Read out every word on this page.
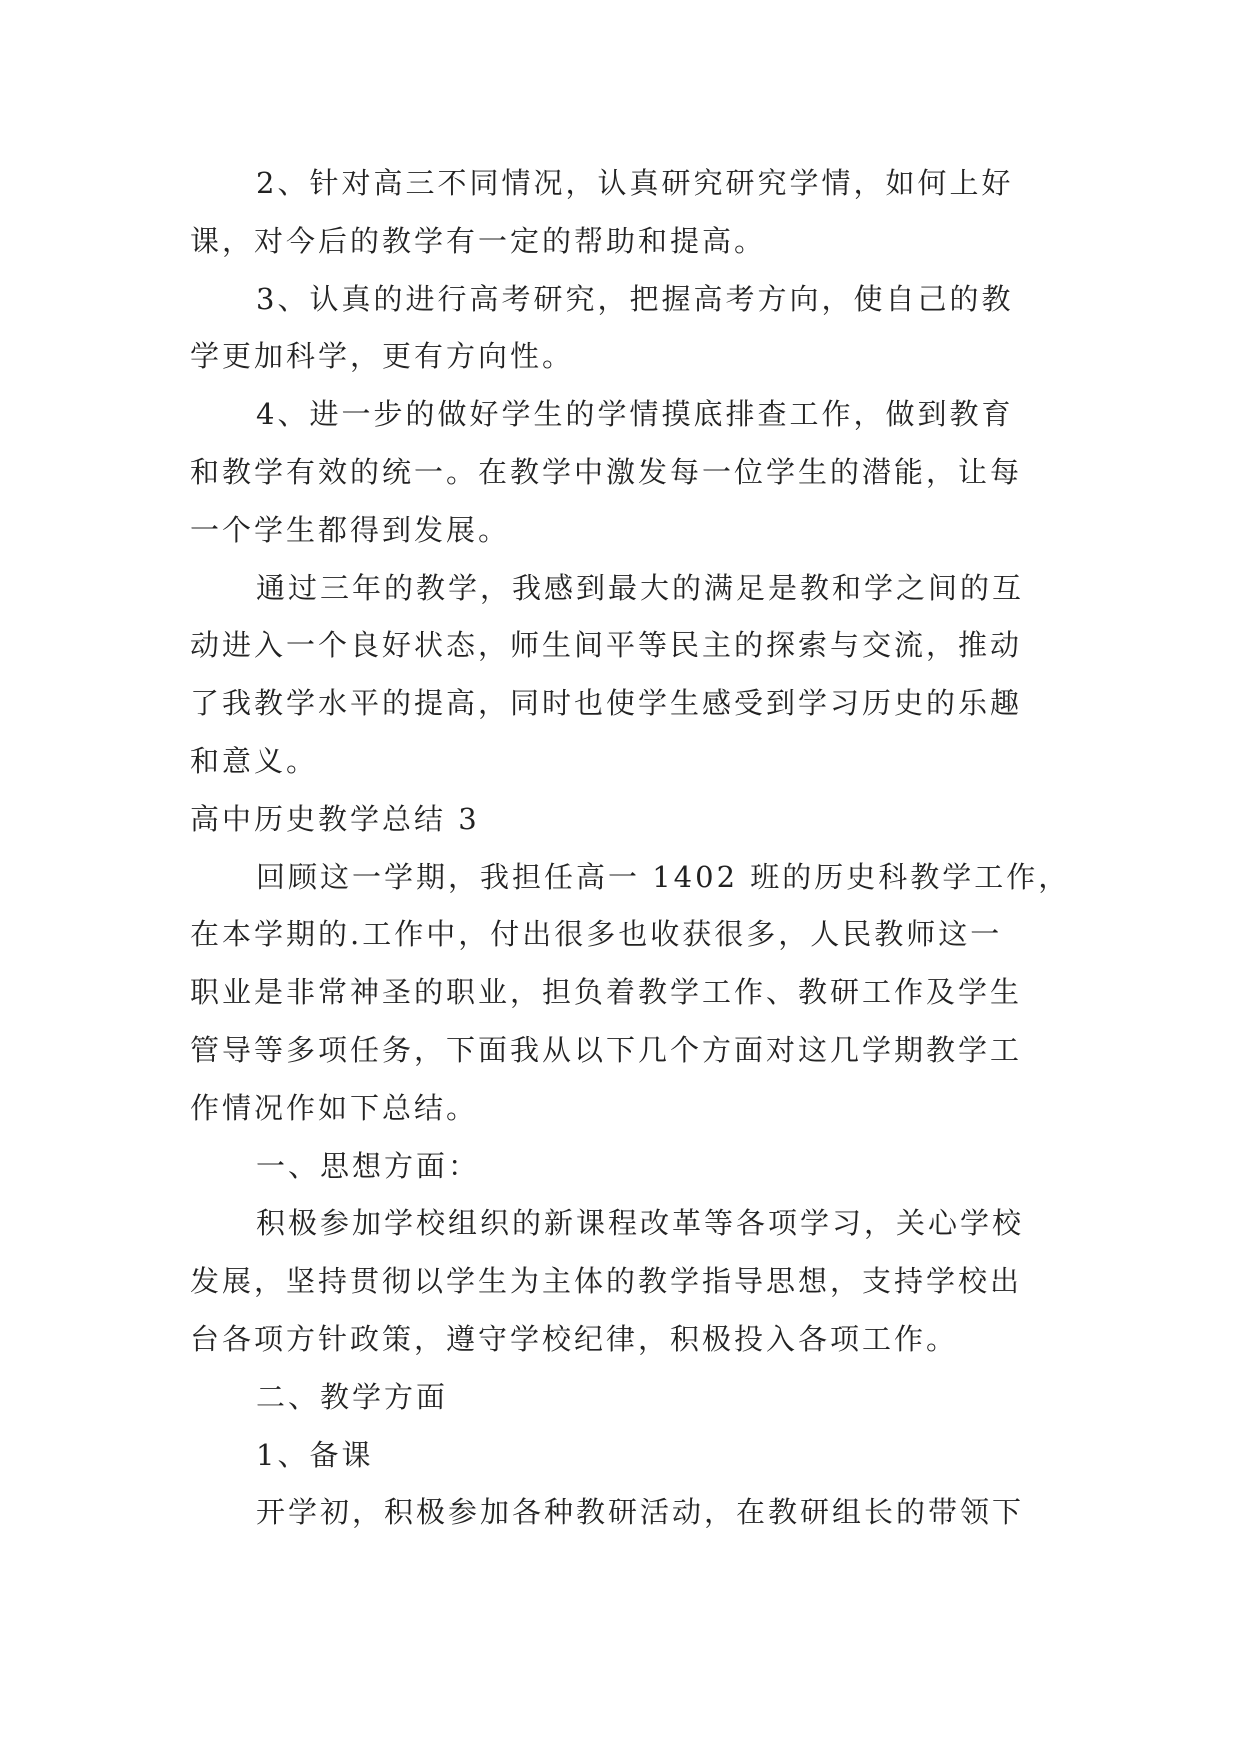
2、针对高三不同情况，认真研究研究学情，如何上好
课，对今后的教学有一定的帮助和提高。
3、认真的进行高考研究，把握高考方向，使自己的教
学更加科学，更有方向性。
4、进一步的做好学生的学情摸底排查工作，做到教育
和教学有效的统一。在教学中激发每一位学生的潜能，让每
一个学生都得到发展。
通过三年的教学，我感到最大的满足是教和学之间的互
动进入一个良好状态，师生间平等民主的探索与交流，推动
了我教学水平的提高，同时也使学生感受到学习历史的乐趣
和意义。
高中历史教学总结 3
回顾这一学期，我担任高一 1402 班的历史科教学工作，
在本学期的.工作中，付出很多也收获很多，人民教师这一
职业是非常神圣的职业，担负着教学工作、教研工作及学生
管导等多项任务，下面我从以下几个方面对这几学期教学工
作情况作如下总结。
一、思想方面：
积极参加学校组织的新课程改革等各项学习，关心学校
发展，坚持贯彻以学生为主体的教学指导思想，支持学校出
台各项方针政策，遵守学校纪律，积极投入各项工作。
二、教学方面
1、备课
开学初，积极参加各种教研活动，在教研组长的带领下
